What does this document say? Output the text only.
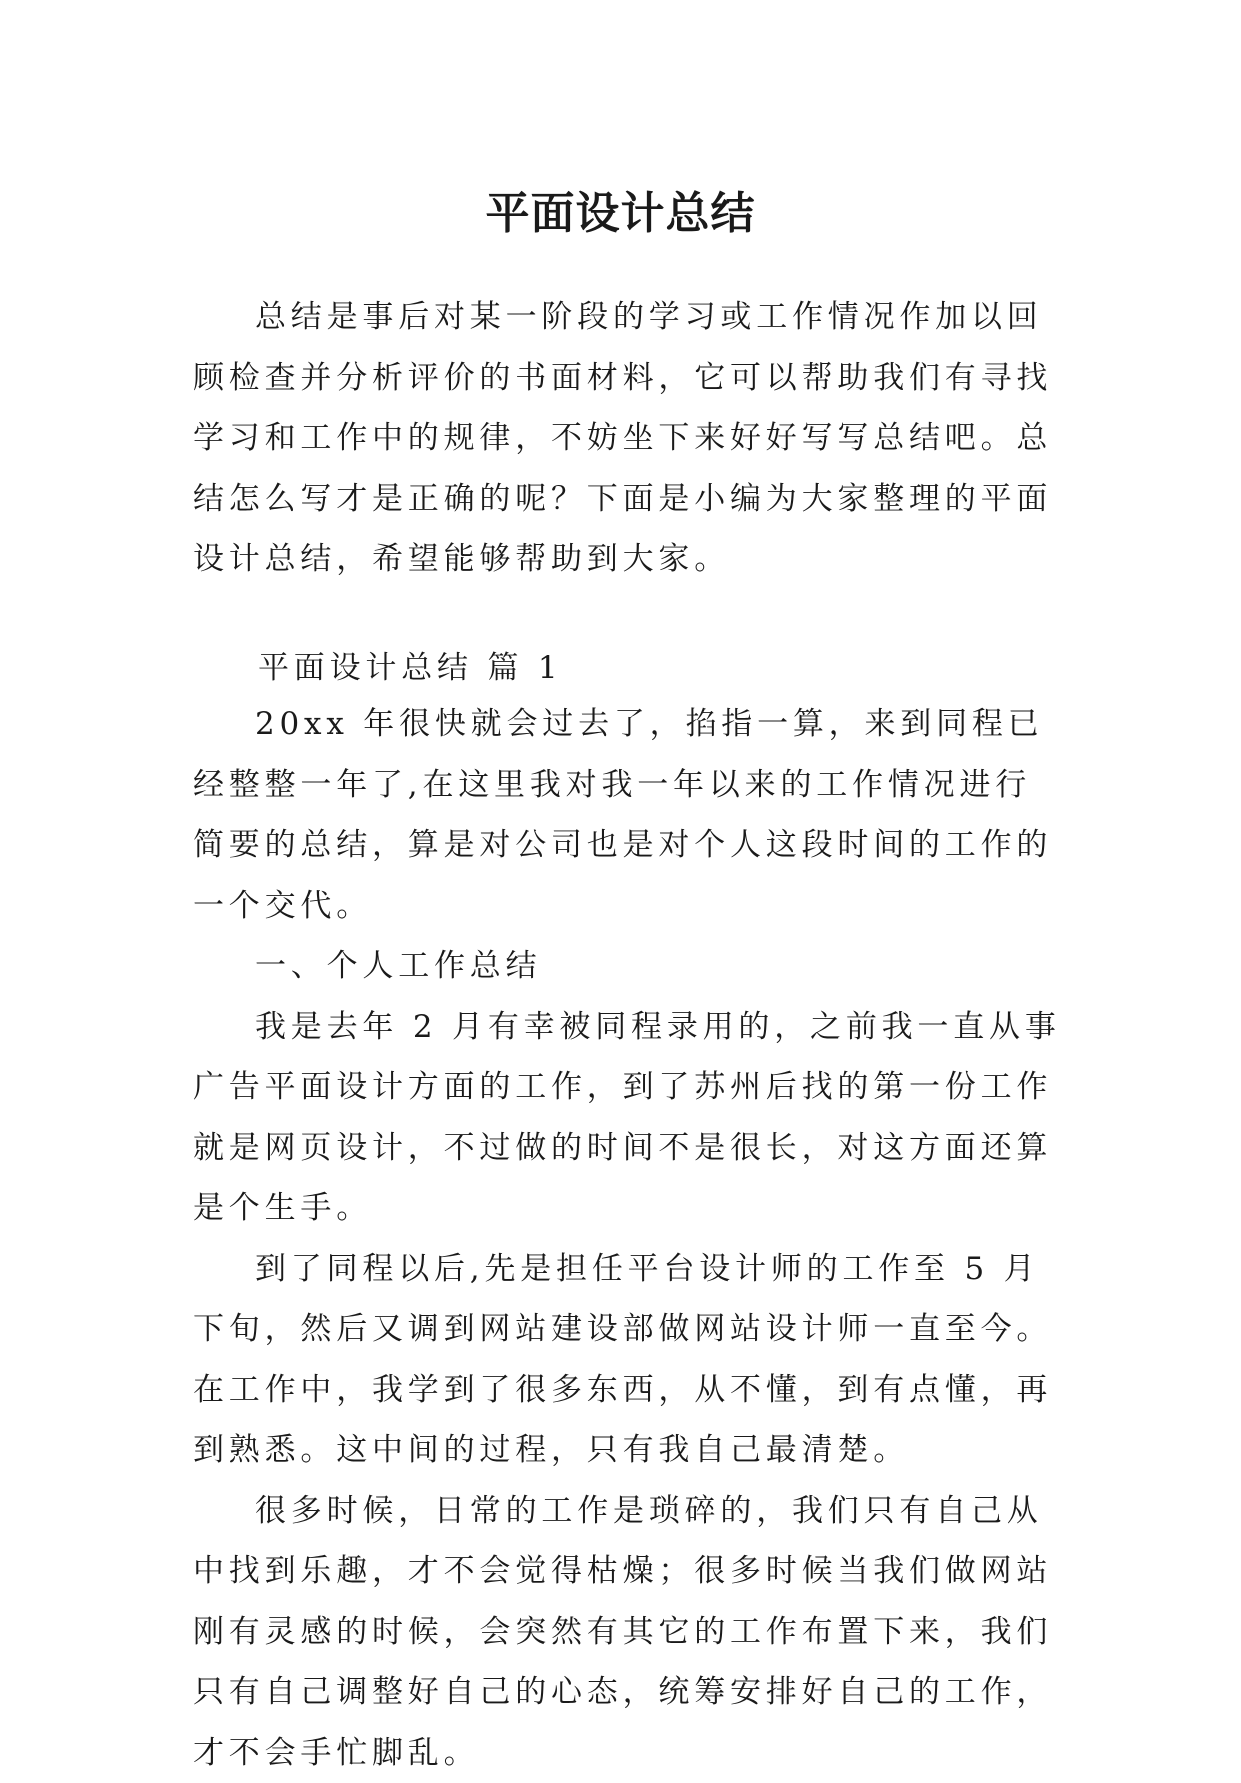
平面设计总结

总结是事后对某一阶段的学习或工作情况作加以回顾检查并分析评价的书面材料，它可以帮助我们有寻找学习和工作中的规律，不妨坐下来好好写写总结吧。总结怎么写才是正确的呢？下面是小编为大家整理的平面设计总结，希望能够帮助到大家。

平面设计总结 篇 1

20xx 年很快就会过去了，掐指一算，来到同程已经整整一年了,在这里我对我一年以来的工作情况进行简要的总结，算是对公司也是对个人这段时间的工作的一个交代。

一、个人工作总结

我是去年 2 月有幸被同程录用的，之前我一直从事广告平面设计方面的工作，到了苏州后找的第一份工作就是网页设计，不过做的时间不是很长，对这方面还算是个生手。

到了同程以后,先是担任平台设计师的工作至 5 月下旬，然后又调到网站建设部做网站设计师一直至今。在工作中，我学到了很多东西，从不懂，到有点懂，再到熟悉。这中间的过程，只有我自己最清楚。

很多时候，日常的工作是琐碎的，我们只有自己从中找到乐趣，才不会觉得枯燥；很多时候当我们做网站刚有灵感的时候，会突然有其它的工作布置下来，我们只有自己调整好自己的心态，统筹安排好自己的工作，才不会手忙脚乱。
